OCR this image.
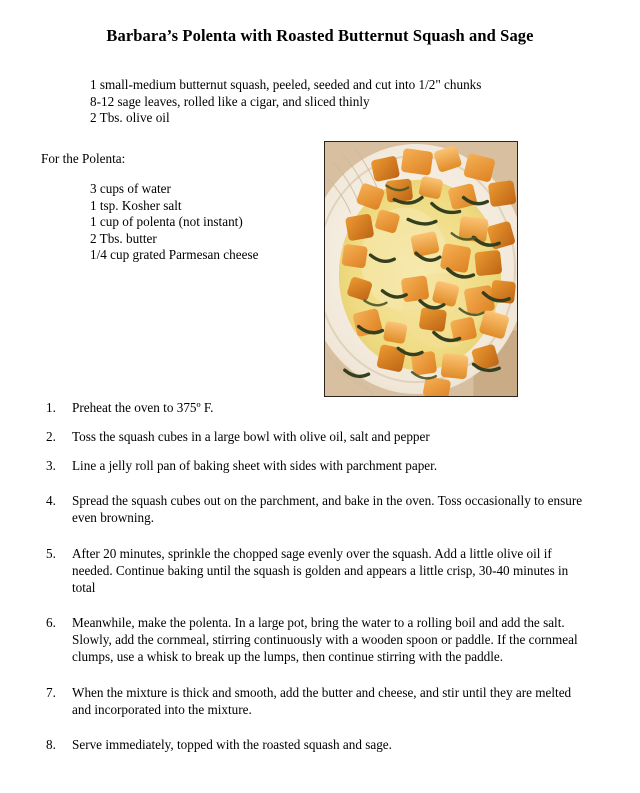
Barbara’s Polenta with Roasted Butternut Squash and Sage
1 small-medium butternut squash, peeled, seeded and cut into 1/2" chunks
8-12 sage leaves, rolled like a cigar, and sliced thinly
2 Tbs. olive oil
For the Polenta:
3 cups of water
1 tsp. Kosher salt
1 cup of polenta (not instant)
2 Tbs. butter
1/4 cup grated Parmesan cheese
1.	Preheat the oven to 375º F.
2.	Toss the squash cubes in a large bowl with olive oil, salt and pepper
3.	Line a jelly roll pan of baking sheet with sides with parchment paper.
4.	Spread the squash cubes out on the parchment, and bake in the oven. Toss occasionally to ensure even browning.
5.	After 20 minutes, sprinkle the chopped sage evenly over the squash. Add a little olive oil if needed. Continue baking until the squash is golden and appears a little crisp, 30-40 minutes in total
6.	Meanwhile, make the polenta. In a large pot, bring the water to a rolling boil and add the salt. Slowly, add the cornmeal, stirring continuously with a wooden spoon or paddle. If the cornmeal clumps, use a whisk to break up the lumps, then continue stirring with the paddle.
7.	When the mixture is thick and smooth, add the butter and cheese, and stir until they are melted and incorporated into the mixture.
8.	Serve immediately, topped with the roasted squash and sage.
